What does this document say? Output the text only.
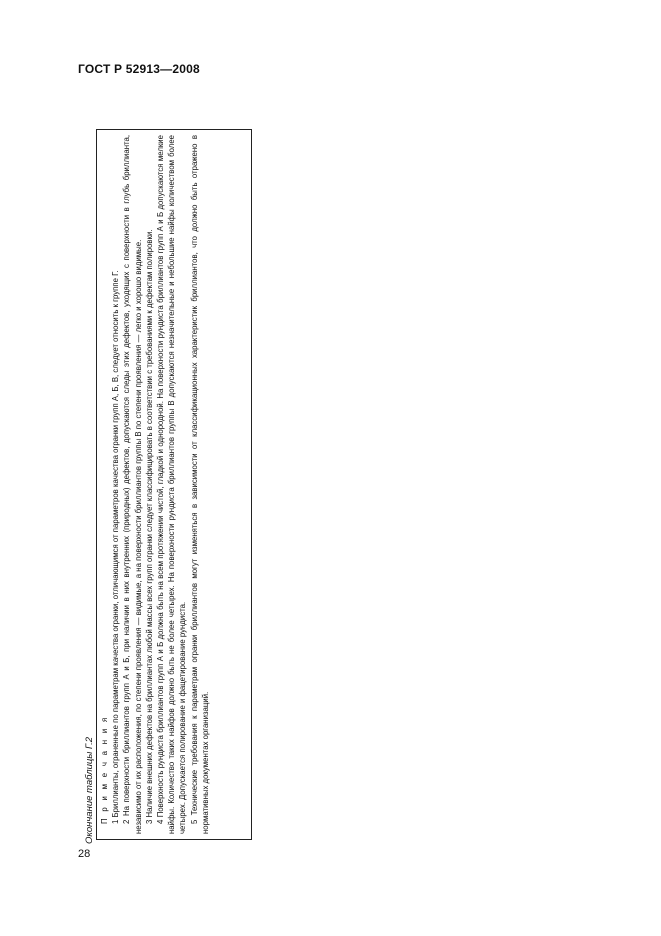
ГОСТ Р 52913—2008
Окончание таблицы Г.2 П р и м е ч а н и я 1 Бриллианты, ограненные по параметрам качества огранки, отличающимся от параметров качества огранки групп А, Б, В, следует относить к группе Г. 2 На поверхности бриллиантов групп А и Б, при наличии в них внутренних (природных) дефектов, допускаются следы этих дефектов, уходящих с поверхности в глубь бриллианта, независимо от их расположения, по степени проявления — видимые, а на поверхности бриллиантов группы В по степени проявления — легко и хорошо видимые. 3 Наличие внешних дефектов на бриллиантах любой массы всех групп огранки следует классифицировать в соответствии с требованиями к дефектам полировки. 4 Поверхность рундиста бриллиантов групп А и Б должна быть на всем протяжении чистой, гладкой и однородной. На поверхности рундиста бриллиантов групп А и Б допускаются мелкие найфы. Количество таких найфов должно быть не более четырех. На поверхности рундиста бриллиантов группы В допускаются незначительные и небольшие найфы количеством более четырех. Допускается полирование и фацетирование рундиста. 5 Технические требования к параметрам огранки бриллиантов могут изменяться в зависимости от классификационных характеристик бриллиантов, что должно быть отражено в нормативных документах организаций.

28
